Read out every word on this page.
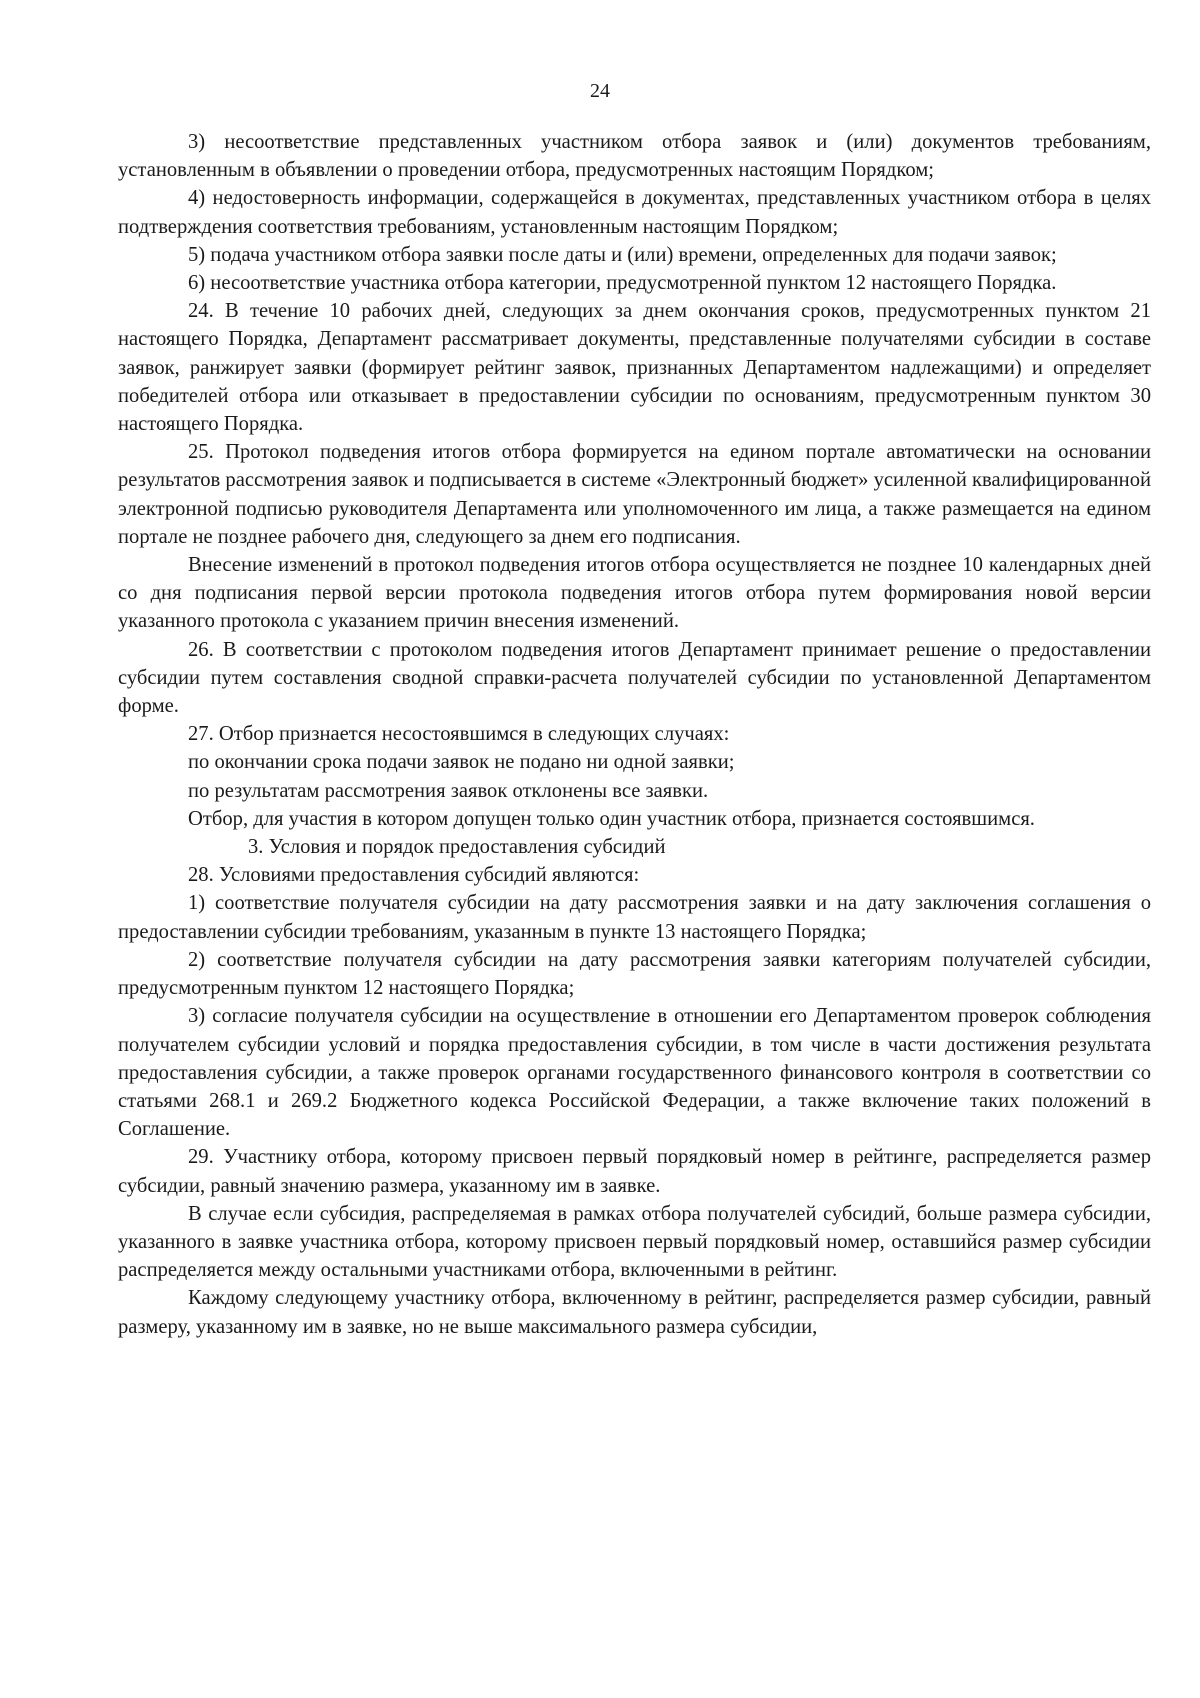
24

3) несоответствие представленных участником отбора заявок и (или) документов требованиям, установленным в объявлении о проведении отбора, предусмотренных настоящим Порядком;

4) недостоверность информации, содержащейся в документах, представленных участником отбора в целях подтверждения соответствия требованиям, установленным настоящим Порядком;

5) подача участником отбора заявки после даты и (или) времени, определенных для подачи заявок;

6) несоответствие участника отбора категории, предусмотренной пунктом 12 настоящего Порядка.

24. В течение 10 рабочих дней, следующих за днем окончания сроков, предусмотренных пунктом 21 настоящего Порядка, Департамент рассматривает документы, представленные получателями субсидии в составе заявок, ранжирует заявки (формирует рейтинг заявок, признанных Департаментом надлежащими) и определяет победителей отбора или отказывает в предоставлении субсидии по основаниям, предусмотренным пунктом 30 настоящего Порядка.

25. Протокол подведения итогов отбора формируется на едином портале автоматически на основании результатов рассмотрения заявок и подписывается в системе «Электронный бюджет» усиленной квалифицированной электронной подписью руководителя Департамента или уполномоченного им лица, а также размещается на едином портале не позднее рабочего дня, следующего за днем его подписания.

Внесение изменений в протокол подведения итогов отбора осуществляется не позднее 10 календарных дней со дня подписания первой версии протокола подведения итогов отбора путем формирования новой версии указанного протокола с указанием причин внесения изменений.

26. В соответствии с протоколом подведения итогов Департамент принимает решение о предоставлении субсидии путем составления сводной справки-расчета получателей субсидии по установленной Департаментом форме.

27. Отбор признается несостоявшимся в следующих случаях:

по окончании срока подачи заявок не подано ни одной заявки;

по результатам рассмотрения заявок отклонены все заявки.

Отбор, для участия в котором допущен только один участник отбора, признается состоявшимся.

3. Условия и порядок предоставления субсидий

28. Условиями предоставления субсидий являются:

1) соответствие получателя субсидии на дату рассмотрения заявки и на дату заключения соглашения о предоставлении субсидии требованиям, указанным в пункте 13 настоящего Порядка;

2) соответствие получателя субсидии на дату рассмотрения заявки категориям получателей субсидии, предусмотренным пунктом 12 настоящего Порядка;

3) согласие получателя субсидии на осуществление в отношении его Департаментом проверок соблюдения получателем субсидии условий и порядка предоставления субсидии, в том числе в части достижения результата предоставления субсидии, а также проверок органами государственного финансового контроля в соответствии со статьями 268.1 и 269.2 Бюджетного кодекса Российской Федерации, а также включение таких положений в Соглашение.

29. Участнику отбора, которому присвоен первый порядковый номер в рейтинге, распределяется размер субсидии, равный значению размера, указанному им в заявке.

В случае если субсидия, распределяемая в рамках отбора получателей субсидий, больше размера субсидии, указанного в заявке участника отбора, которому присвоен первый порядковый номер, оставшийся размер субсидии распределяется между остальными участниками отбора, включенными в рейтинг.

Каждому следующему участнику отбора, включенному в рейтинг, распределяется размер субсидии, равный размеру, указанному им в заявке, но не выше максимального размера субсидии,
